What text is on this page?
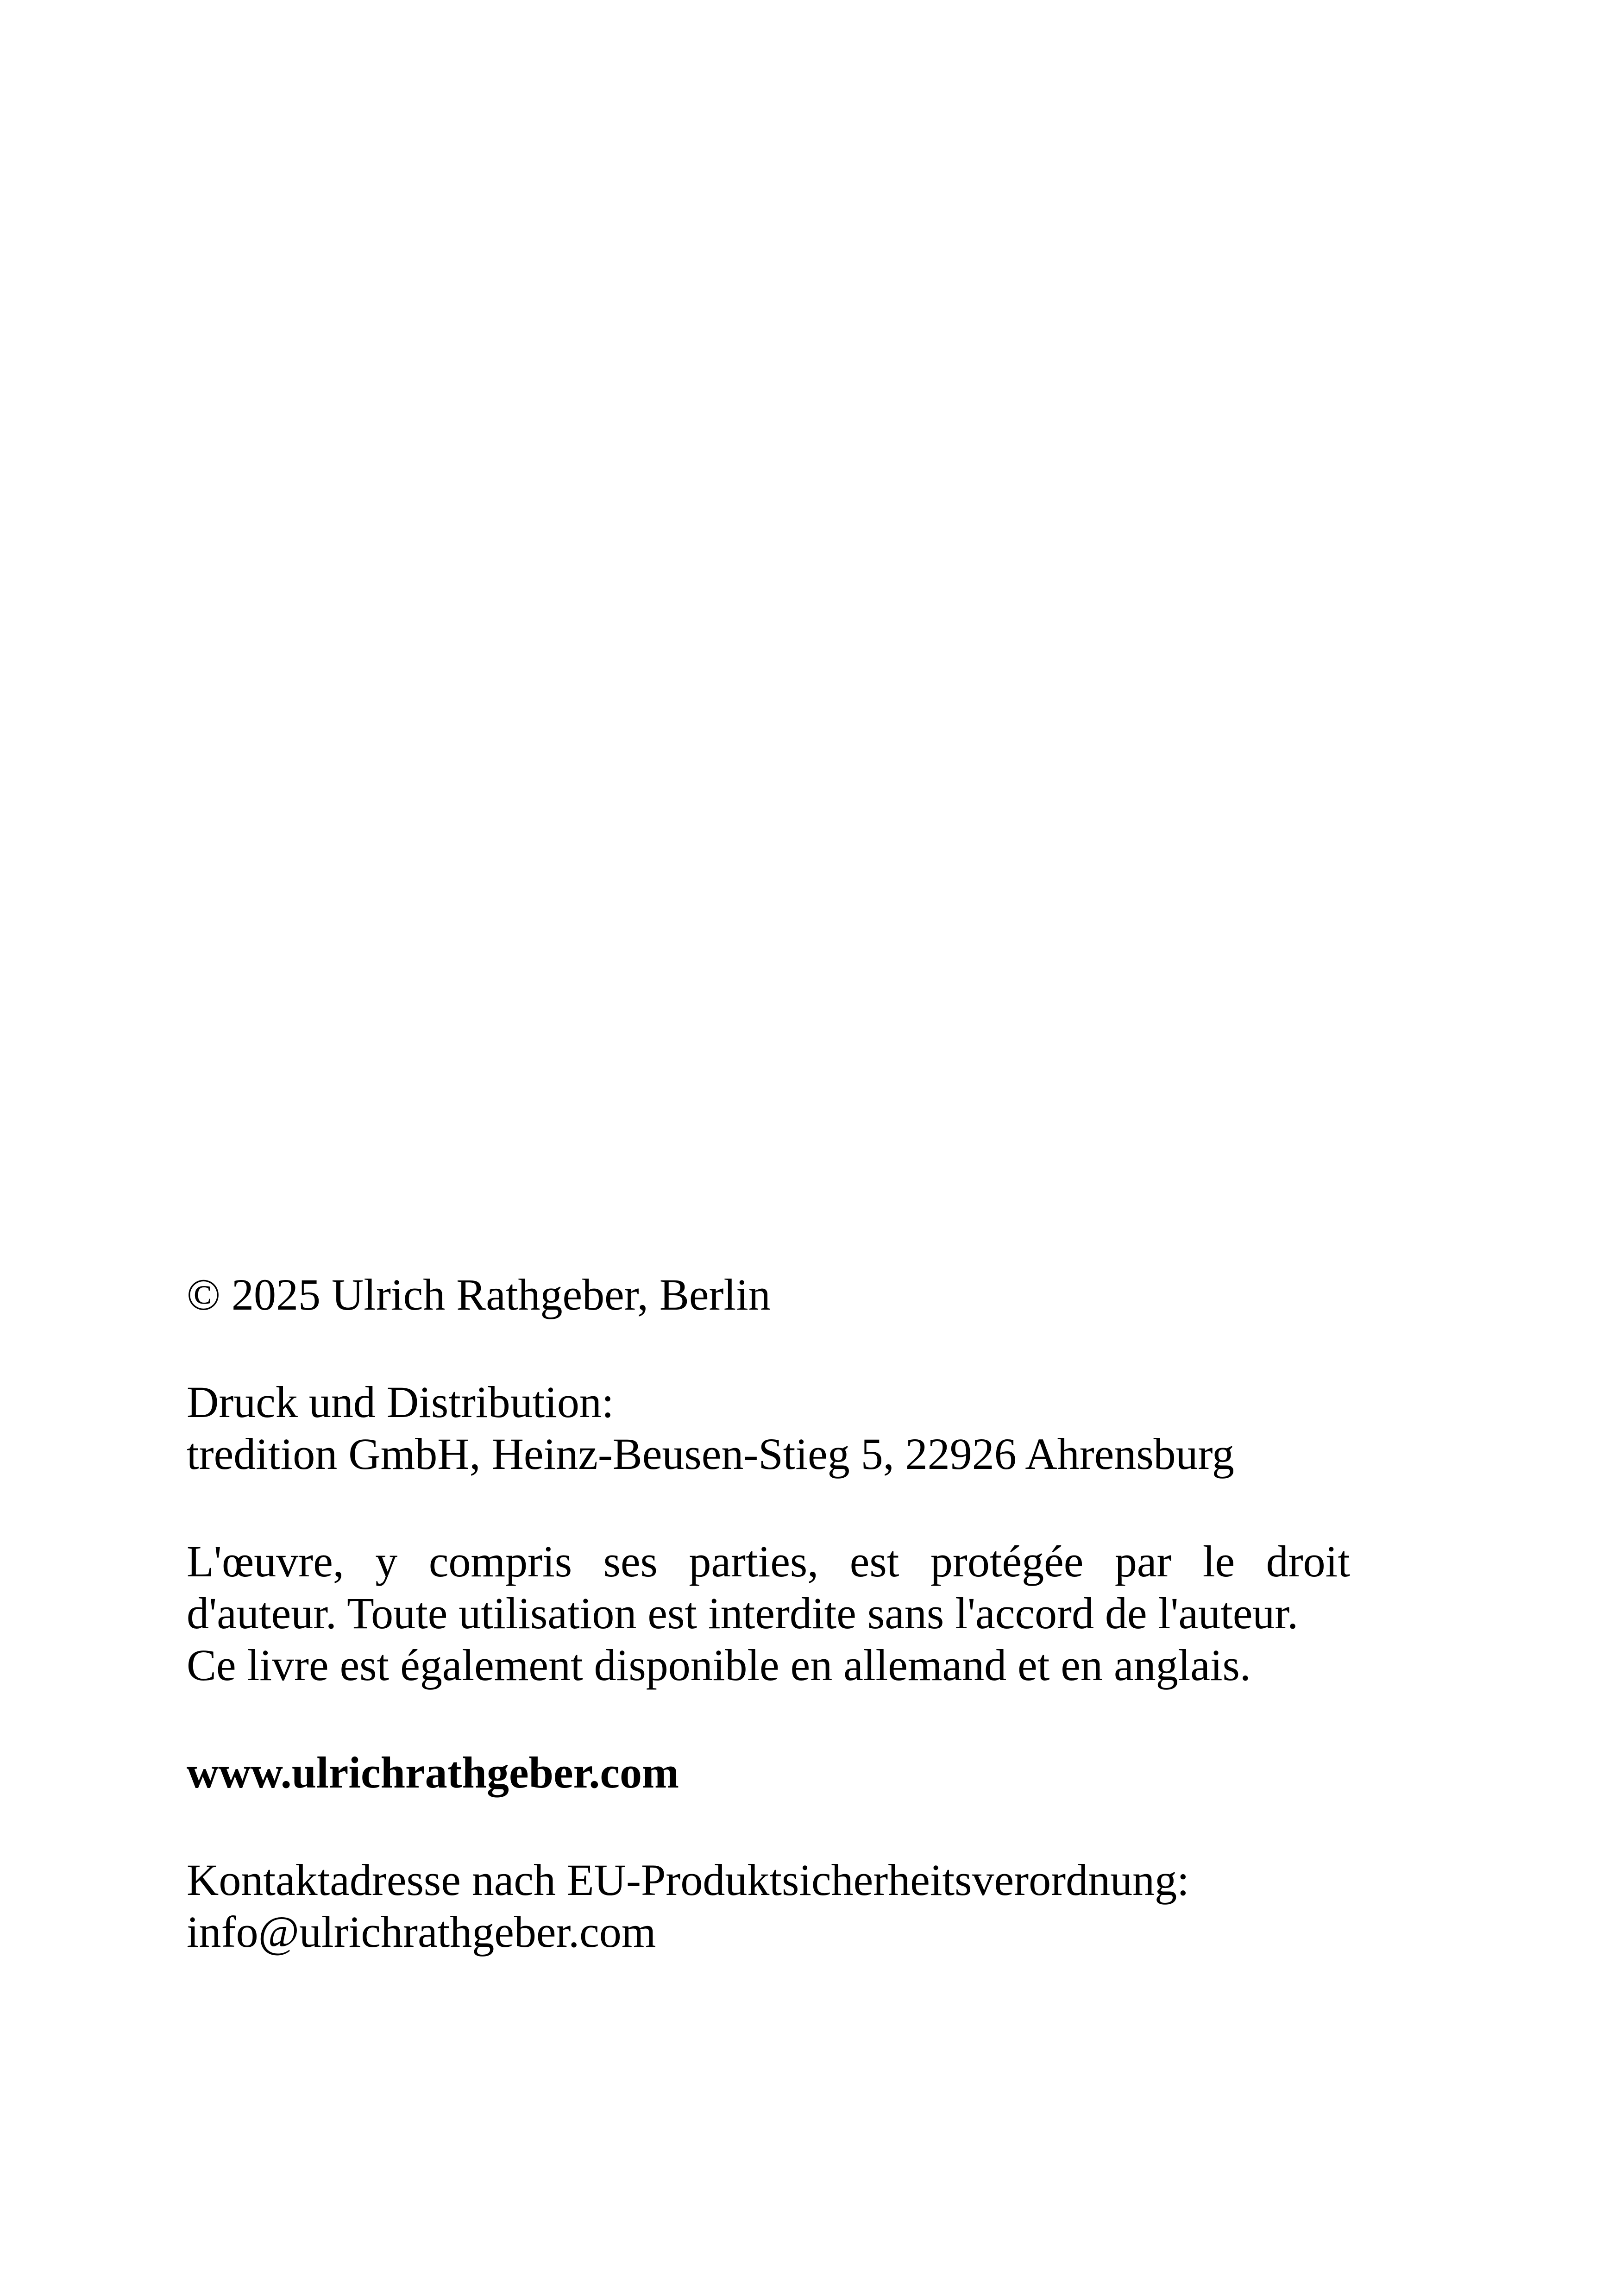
© 2025 Ulrich Rathgeber, Berlin

Druck und Distribution:
tredition GmbH, Heinz-Beusen-Stieg 5, 22926 Ahrensburg

L'œuvre, y compris ses parties, est protégée par le droit
d'auteur. Toute utilisation est interdite sans l'accord de l'auteur.
Ce livre est également disponible en allemand et en anglais.

www.ulrichrathgeber.com

Kontaktadresse nach EU-Produktsicherheitsverordnung:
info@ulrichrathgeber.com
